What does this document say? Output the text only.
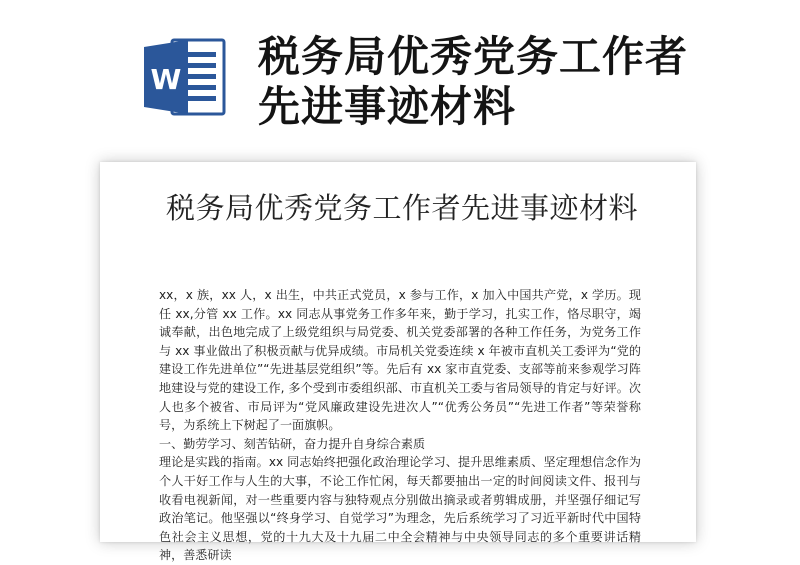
W 税务局优秀党务工作者先进事迹材料
税务局优秀党务工作者先进事迹材料

xx，x 族，xx 人，x 出生，中共正式党员，x 参与工作，x 加入中国共产党，x 学历。现任 xx,分管 xx 工作。xx 同志从事党务工作多年来，勤于学习，扎实工作，恪尽职守，竭诚奉献，出色地完成了上级党组织与局党委、机关党委部署的各种工作任务，为党务工作与 xx 事业做出了积极贡献与优异成绩。市局机关党委连续 x 年被市直机关工委评为“党的建设工作先进单位”“先进基层党组织”等。先后有 xx 家市直党委、支部等前来参观学习阵地建设与党的建设工作, 多个受到市委组织部、市直机关工委与省局领导的肯定与好评。次人也多个被省、市局评为“党风廉政建设先进次人”“优秀公务员”“先进工作者”等荣誉称号，为系统上下树起了一面旗帜。

一、勤劳学习、刻苦钻研，奋力提升自身综合素质

理论是实践的指南。xx 同志始终把强化政治理论学习、提升思维素质、坚定理想信念作为个人干好工作与人生的大事，不论工作忙闲，每天都要抽出一定的时间阅读文件、报刊与收看电视新闻，对一些重要内容与独特观点分别做出摘录或者剪辑成册，并坚强仔细记写政治笔记。他坚强以“终身学习、自觉学习”为理念，先后系统学习了习近平新时代中国特色社会主义思想，党的十九大及十九届二中全会精神与中央领导同志的多个重要讲话精神，善悉研读
